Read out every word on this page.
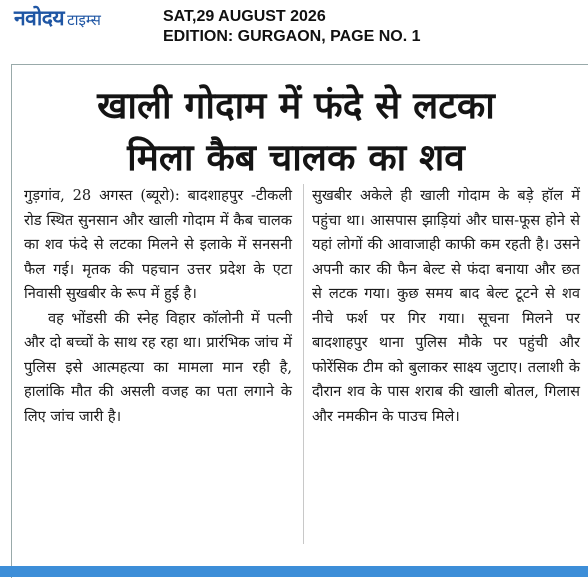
नवोदय टाइम्स	SAT,29 AUGUST 2026
EDITION: GURGAON, PAGE NO. 1
खाली गोदाम में फंदे से लटका
मिला कैब चालक का शव

गुड़गांव, 28 अगस्त (ब्यूरो): बादशाहपुर -टीकली रोड स्थित सुनसान और खाली गोदाम में कैब चालक का शव फंदे से लटका मिलने से इलाके में सनसनी फैल गई। मृतक की पहचान उत्तर प्रदेश के एटा निवासी सुखबीर के रूप में हुई है।

वह भोंडसी की स्नेह विहार कॉलोनी में पत्नी और दो बच्चों के साथ रह रहा था। प्रारंभिक जांच में पुलिस इसे आत्महत्या का मामला मान रही है, हालांकि मौत की असली वजह का पता लगाने के लिए जांच जारी है।

सुखबीर अकेले ही खाली गोदाम के बड़े हॉल में पहुंचा था। आसपास झाड़ियां और घास-फूस होने से यहां लोगों की आवाजाही काफी कम रहती है। उसने अपनी कार की फैन बेल्ट से फंदा बनाया और छत से लटक गया। कुछ समय बाद बेल्ट टूटने से शव नीचे फर्श पर गिर गया। सूचना मिलने पर बादशाहपुर थाना पुलिस मौके पर पहुंची और फोरेंसिक टीम को बुलाकर साक्ष्य जुटाए। तलाशी के दौरान शव के पास शराब की खाली बोतल, गिलास और नमकीन के पाउच मिले।
